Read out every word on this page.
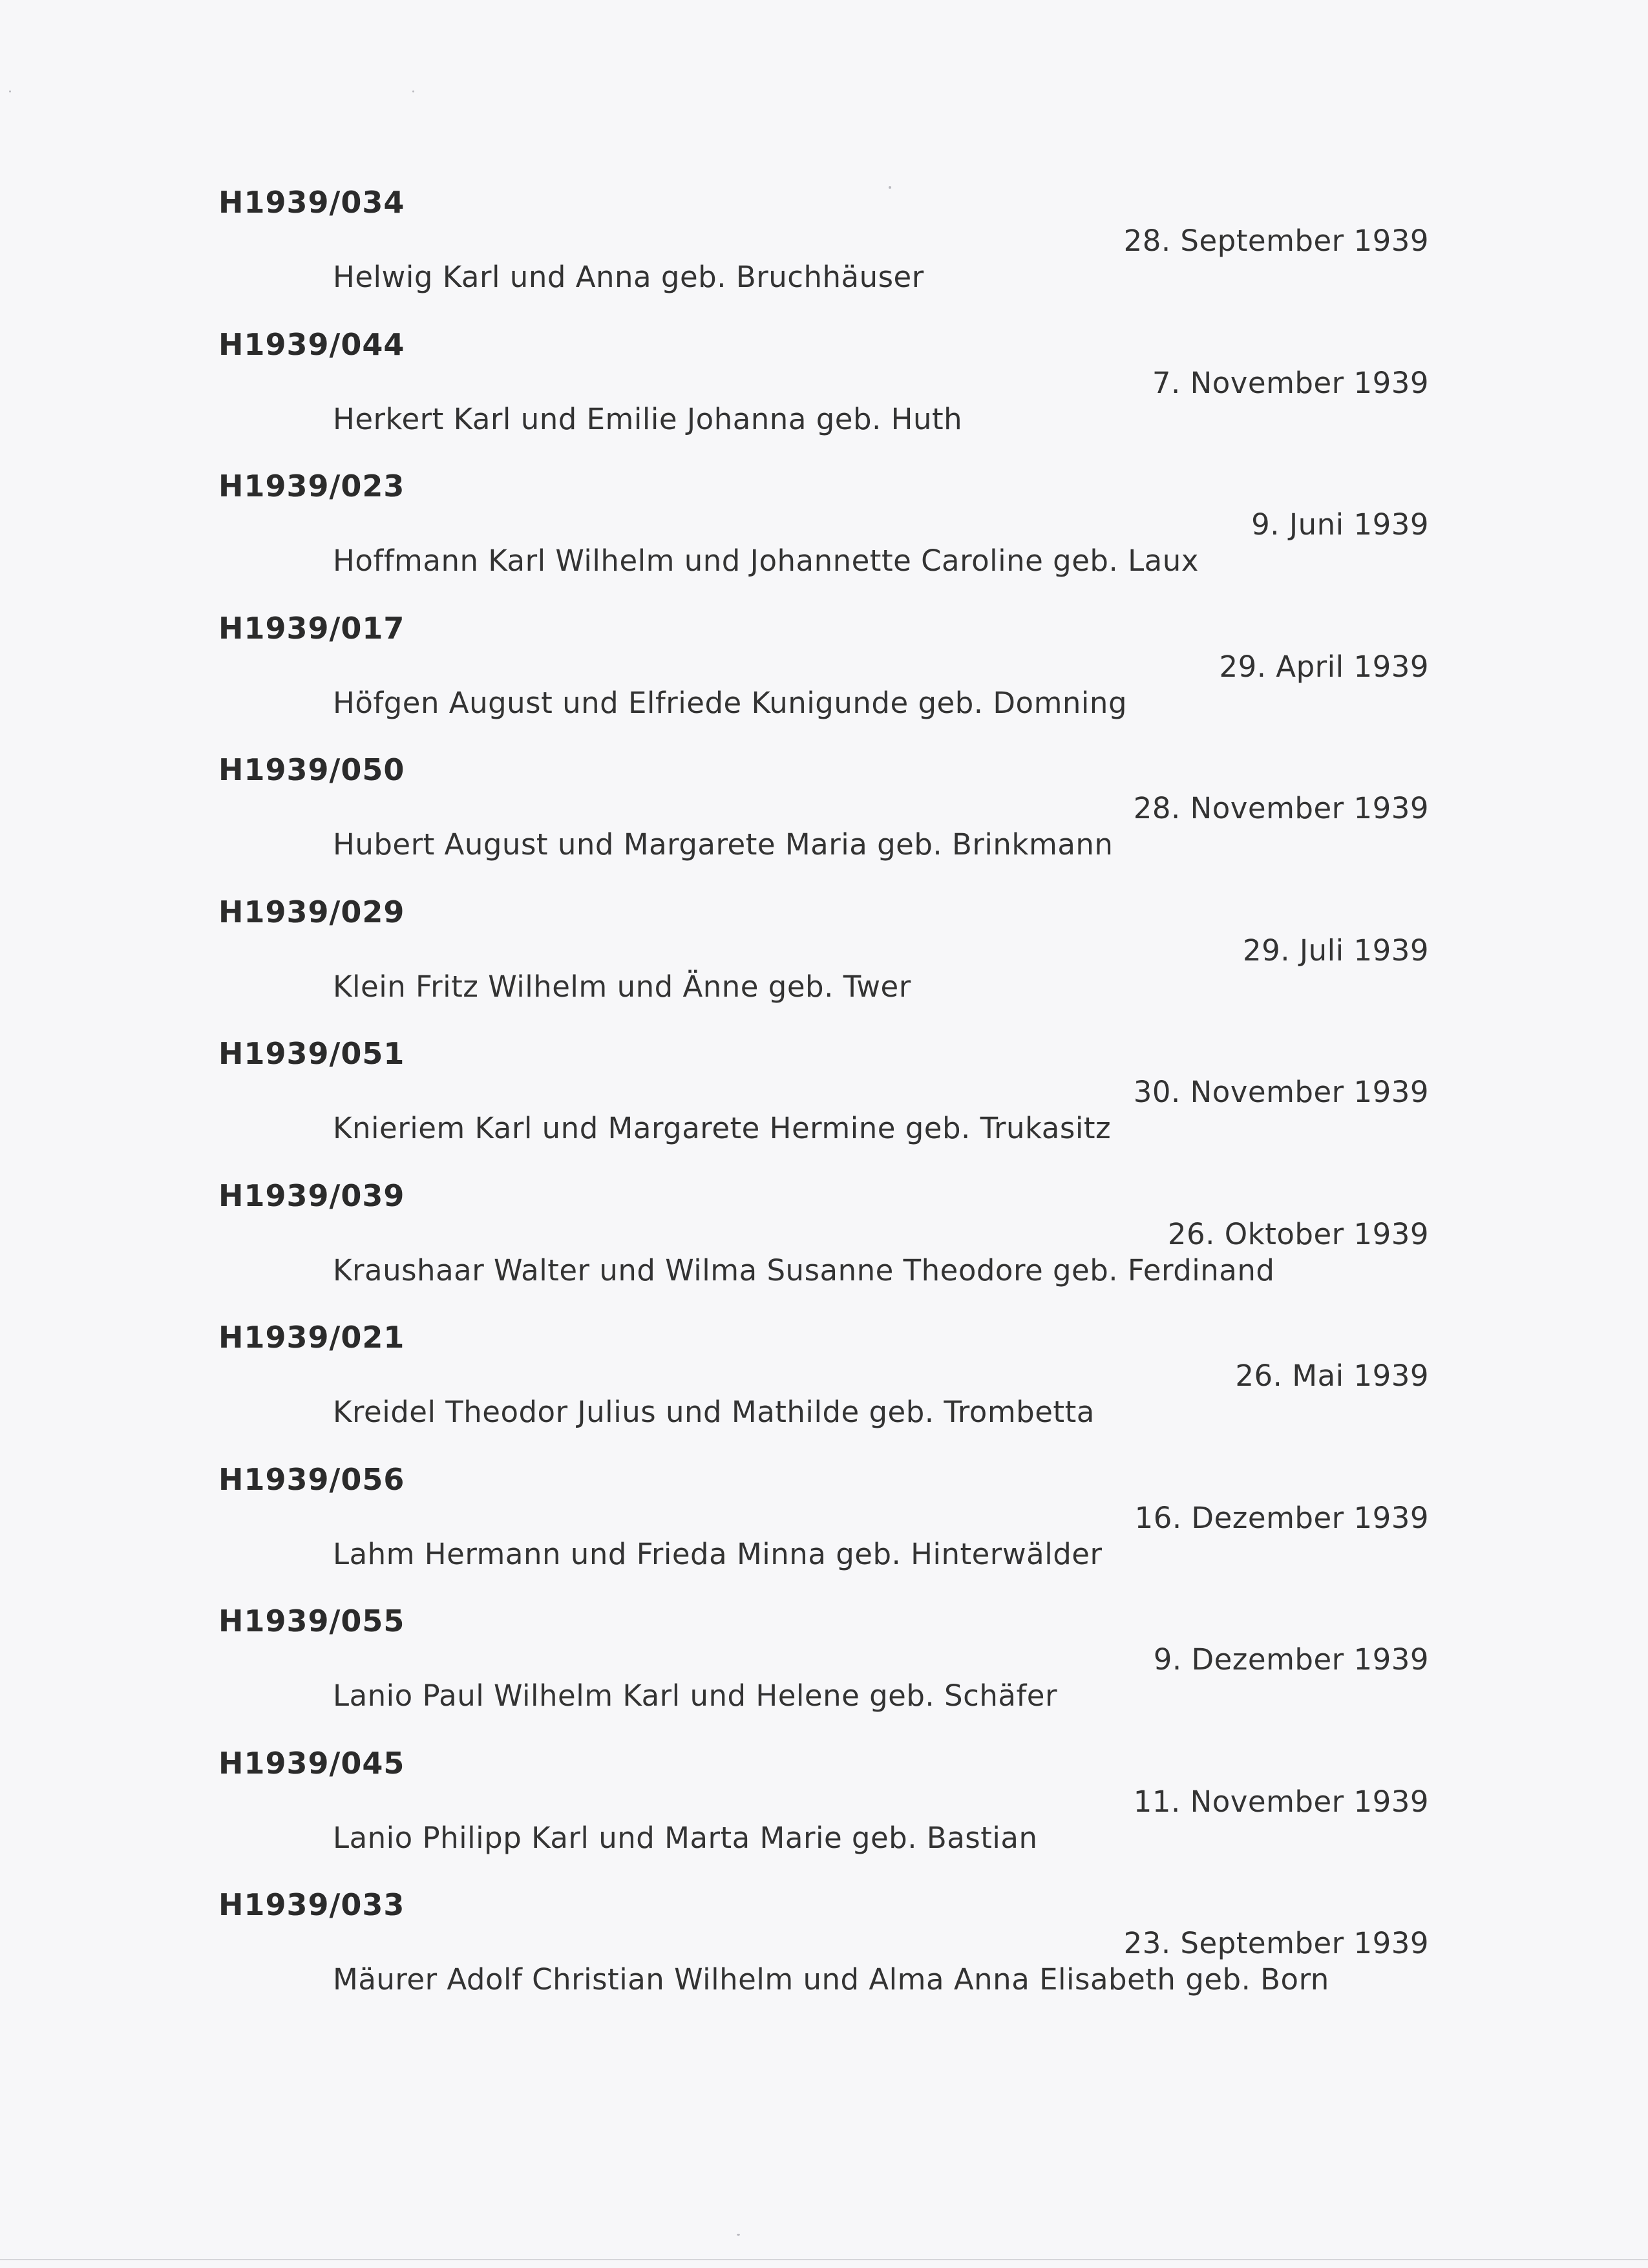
H1939/034
28. September 1939
Helwig Karl und Anna geb. Bruchhäuser
H1939/044
7. November 1939
Herkert Karl und Emilie Johanna geb. Huth
H1939/023
9. Juni 1939
Hoffmann Karl Wilhelm und Johannette Caroline geb. Laux
H1939/017
29. April 1939
Höfgen August und Elfriede Kunigunde geb. Domning
H1939/050
28. November 1939
Hubert August und Margarete Maria geb. Brinkmann
H1939/029
29. Juli 1939
Klein Fritz Wilhelm und Änne geb. Twer
H1939/051
30. November 1939
Knieriem Karl und Margarete Hermine geb. Trukasitz
H1939/039
26. Oktober 1939
Kraushaar Walter und Wilma Susanne Theodore geb. Ferdinand
H1939/021
26. Mai 1939
Kreidel Theodor Julius und Mathilde geb. Trombetta
H1939/056
16. Dezember 1939
Lahm Hermann und Frieda Minna geb. Hinterwälder
H1939/055
9. Dezember 1939
Lanio Paul Wilhelm Karl und Helene geb. Schäfer
H1939/045
11. November 1939
Lanio Philipp Karl und Marta Marie geb. Bastian
H1939/033
23. September 1939
Mäurer Adolf Christian Wilhelm und Alma Anna Elisabeth geb. Born
